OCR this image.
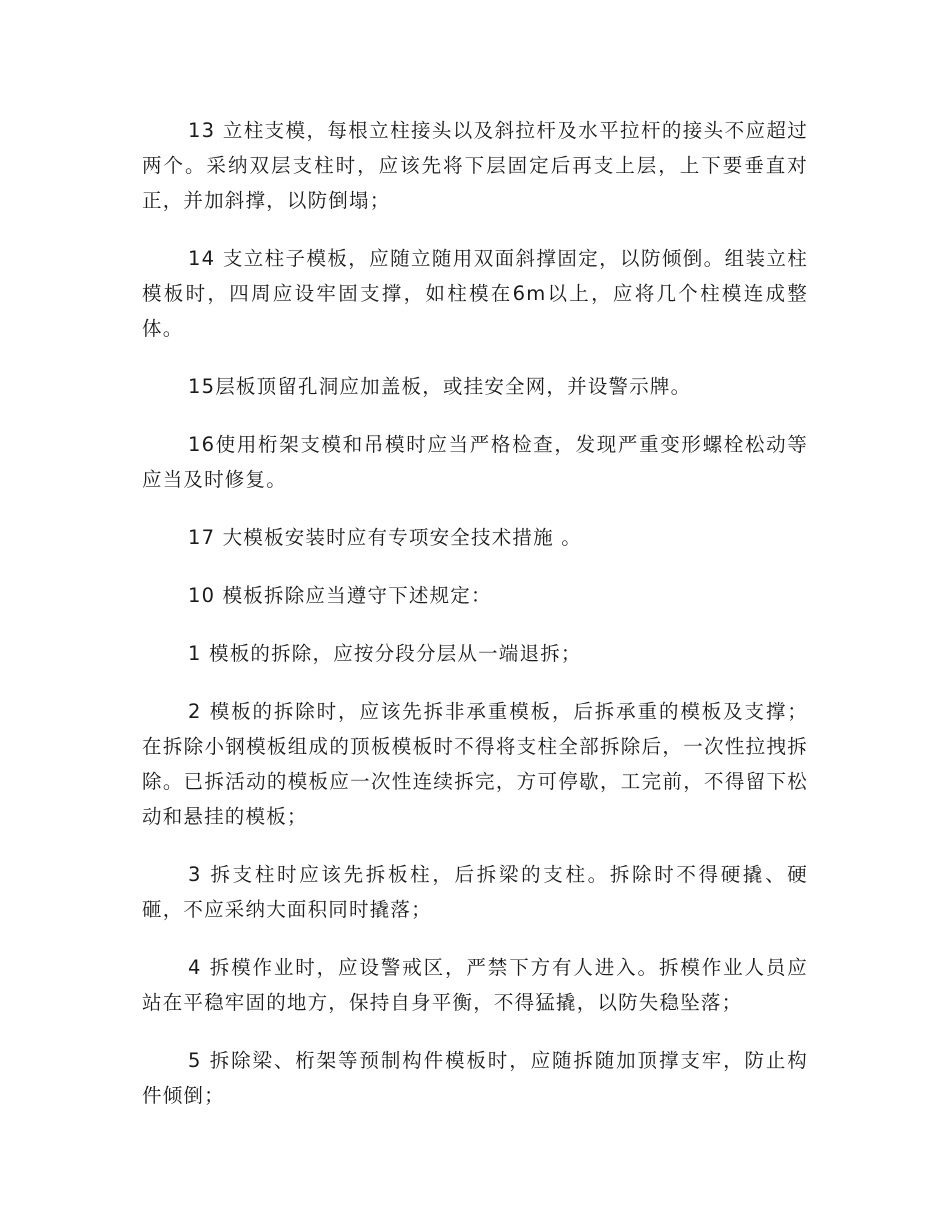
13 立柱支模，每根立柱接头以及斜拉杆及水平拉杆的接头不应超过两个。采纳双层支柱时，应该先将下层固定后再支上层，上下要垂直对正，并加斜撑，以防倒塌；

14 支立柱子模板，应随立随用双面斜撑固定，以防倾倒。组装立柱模板时，四周应设牢固支撑，如柱模在6m以上，应将几个柱模连成整体。

15层板顶留孔洞应加盖板，或挂安全网，并设警示牌。

16使用桁架支模和吊模时应当严格检查，发现严重变形螺栓松动等应当及时修复。

17 大模板安装时应有专项安全技术措施 。

10 模板拆除应当遵守下述规定：

1 模板的拆除，应按分段分层从一端退拆；

2 模板的拆除时，应该先拆非承重模板，后拆承重的模板及支撑；在拆除小钢模板组成的顶板模板时不得将支柱全部拆除后，一次性拉拽拆除。已拆活动的模板应一次性连续拆完，方可停歇，工完前，不得留下松动和悬挂的模板；

3 拆支柱时应该先拆板柱，后拆梁的支柱。拆除时不得硬撬、硬砸，不应采纳大面积同时撬落；

4 拆模作业时，应设警戒区，严禁下方有人进入。拆模作业人员应站在平稳牢固的地方，保持自身平衡，不得猛撬，以防失稳坠落；

5 拆除梁、桁架等预制构件模板时，应随拆随加顶撑支牢，防止构件倾倒；
